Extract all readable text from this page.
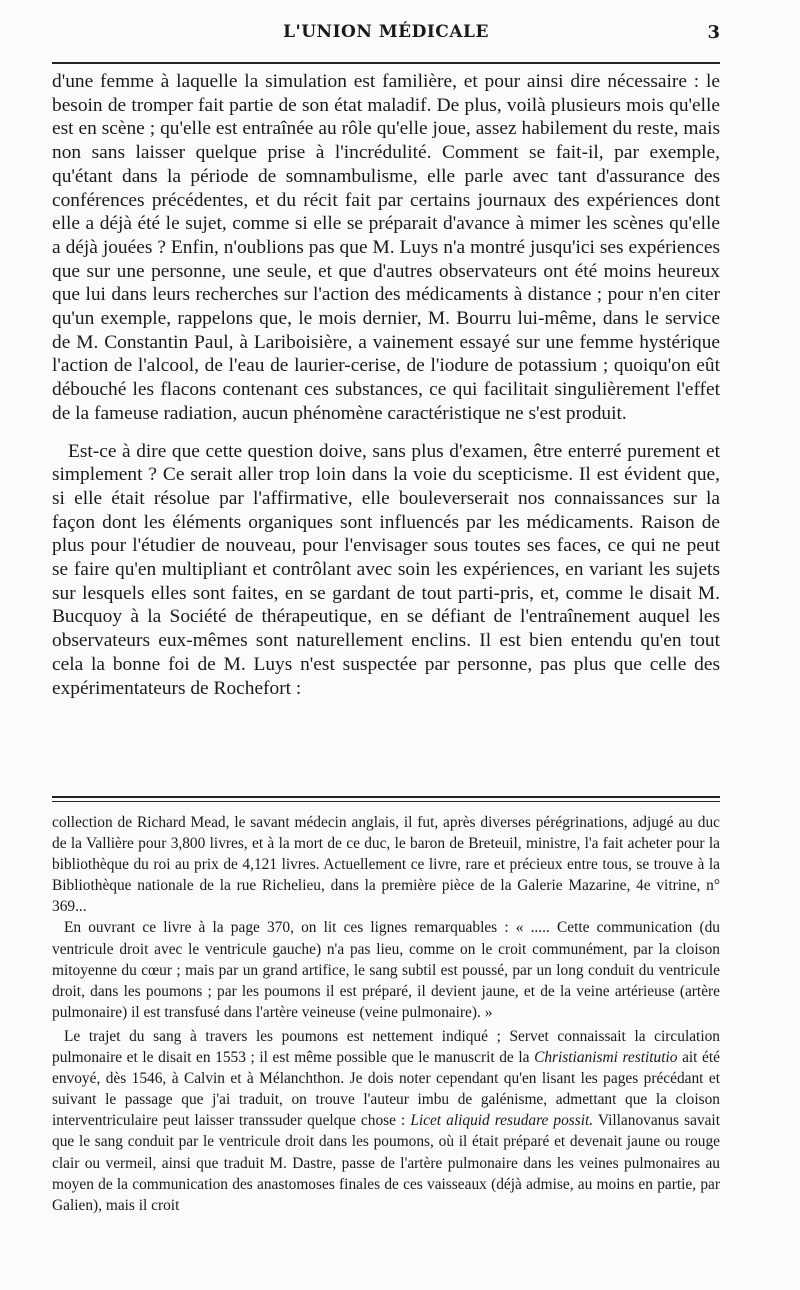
L'UNION MÉDICALE	3

d'une femme à laquelle la simulation est familière, et pour ainsi dire nécessaire : le besoin de tromper fait partie de son état maladif. De plus, voilà plusieurs mois qu'elle est en scène ; qu'elle est entraînée au rôle qu'elle joue, assez habilement du reste, mais non sans laisser quelque prise à l'incrédulité. Comment se fait-il, par exemple, qu'étant dans la période de somnambulisme, elle parle avec tant d'assurance des conférences précédentes, et du récit fait par certains journaux des expériences dont elle a déjà été le sujet, comme si elle se préparait d'avance à mimer les scènes qu'elle a déjà jouées ? Enfin, n'oublions pas que M. Luys n'a montré jusqu'ici ses expériences que sur une personne, une seule, et que d'autres observateurs ont été moins heureux que lui dans leurs recherches sur l'action des médicaments à distance ; pour n'en citer qu'un exemple, rappelons que, le mois dernier, M. Bourru lui-même, dans le service de M. Constantin Paul, à Lariboisière, a vainement essayé sur une femme hystérique l'action de l'alcool, de l'eau de laurier-cerise, de l'iodure de potassium ; quoiqu'on eût débouché les flacons contenant ces substances, ce qui facilitait singulièrement l'effet de la fameuse radiation, aucun phénomène caractéristique ne s'est produit.

Est-ce à dire que cette question doive, sans plus d'examen, être enterré purement et simplement ? Ce serait aller trop loin dans la voie du scepticisme. Il est évident que, si elle était résolue par l'affirmative, elle bouleverserait nos connaissances sur la façon dont les éléments organiques sont influencés par les médicaments. Raison de plus pour l'étudier de nouveau, pour l'envisager sous toutes ses faces, ce qui ne peut se faire qu'en multipliant et contrôlant avec soin les expériences, en variant les sujets sur lesquels elles sont faites, en se gardant de tout parti-pris, et, comme le disait M. Bucquoy à la Société de thérapeutique, en se défiant de l'entraînement auquel les observateurs eux-mêmes sont naturellement enclins. Il est bien entendu qu'en tout cela la bonne foi de M. Luys n'est suspectée par personne, pas plus que celle des expérimentateurs de Rochefort :

collection de Richard Mead, le savant médecin anglais, il fut, après diverses pérégrinations, adjugé au duc de la Vallière pour 3,800 livres, et à la mort de ce duc, le baron de Breteuil, ministre, l'a fait acheter pour la bibliothèque du roi au prix de 4,121 livres. Actuellement ce livre, rare et précieux entre tous, se trouve à la Bibliothèque nationale de la rue Richelieu, dans la première pièce de la Galerie Mazarine, 4e vitrine, n° 369...

En ouvrant ce livre à la page 370, on lit ces lignes remarquables : « ..... Cette communication (du ventricule droit avec le ventricule gauche) n'a pas lieu, comme on le croit communément, par la cloison mitoyenne du cœur ; mais par un grand artifice, le sang subtil est poussé, par un long conduit du ventricule droit, dans les poumons ; par les poumons il est préparé, il devient jaune, et de la veine artérieuse (artère pulmonaire) il est transfusé dans l'artère veineuse (veine pulmonaire). »

Le trajet du sang à travers les poumons est nettement indiqué ; Servet connaissait la circulation pulmonaire et le disait en 1553 ; il est même possible que le manuscrit de la Christianismi restitutio ait été envoyé, dès 1546, à Calvin et à Mélanchthon. Je dois noter cependant qu'en lisant les pages précédant et suivant le passage que j'ai traduit, on trouve l'auteur imbu de galénisme, admettant que la cloison interventriculaire peut laisser transsuder quelque chose : Licet aliquid resudare possit. Villanovanus savait que le sang conduit par le ventricule droit dans les poumons, où il était préparé et devenait jaune ou rouge clair ou vermeil, ainsi que traduit M. Dastre, passe de l'artère pulmonaire dans les veines pulmonaires au moyen de la communication des anastomoses finales de ces vaisseaux (déjà admise, au moins en partie, par Galien), mais il croit
